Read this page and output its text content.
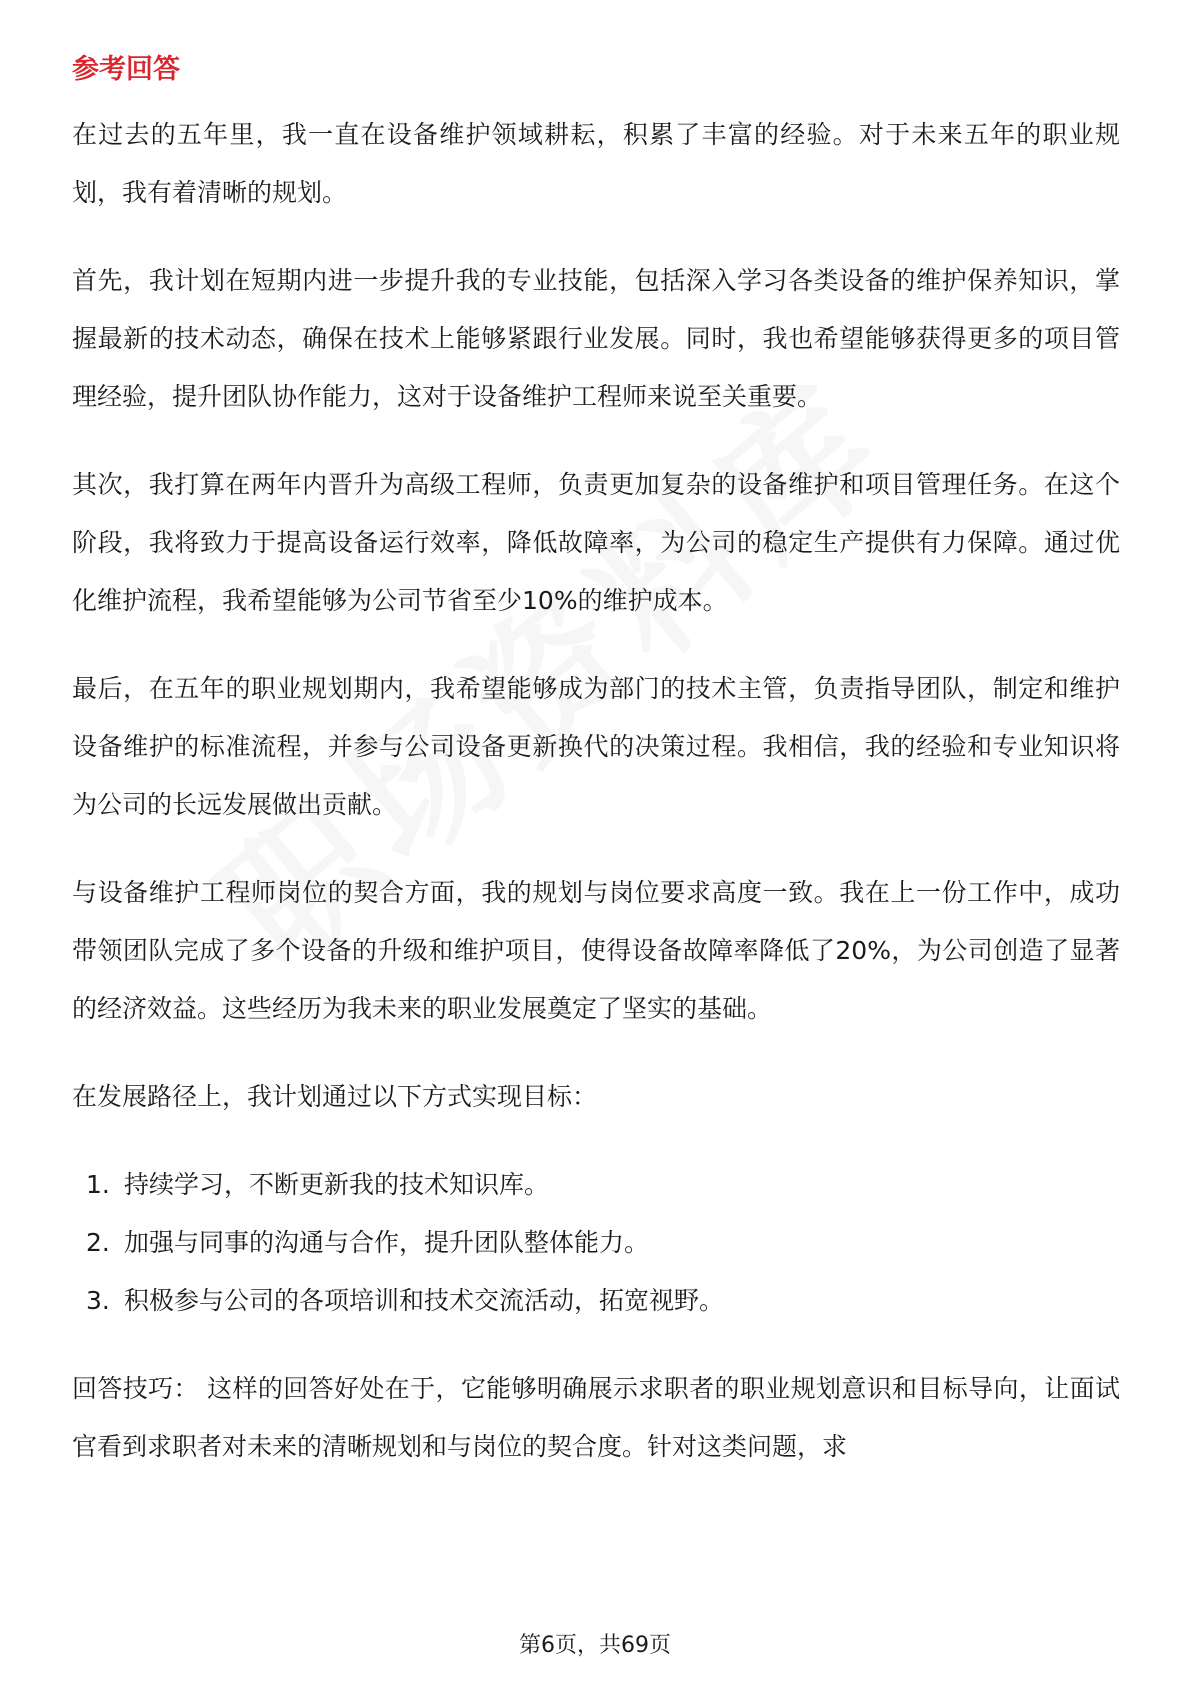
参考回答

在过去的五年里，我一直在设备维护领域耕耘，积累了丰富的经验。对于未来五年的职业规划，我有着清晰的规划。

首先，我计划在短期内进一步提升我的专业技能，包括深入学习各类设备的维护保养知识，掌握最新的技术动态，确保在技术上能够紧跟行业发展。同时，我也希望能够获得更多的项目管理经验，提升团队协作能力，这对于设备维护工程师来说至关重要。

其次，我打算在两年内晋升为高级工程师，负责更加复杂的设备维护和项目管理任务。在这个阶段，我将致力于提高设备运行效率，降低故障率，为公司的稳定生产提供有力保障。通过优化维护流程，我希望能够为公司节省至少10%的维护成本。

最后，在五年的职业规划期内，我希望能够成为部门的技术主管，负责指导团队，制定和维护设备维护的标准流程，并参与公司设备更新换代的决策过程。我相信，我的经验和专业知识将为公司的长远发展做出贡献。

与设备维护工程师岗位的契合方面，我的规划与岗位要求高度一致。我在上一份工作中，成功带领团队完成了多个设备的升级和维护项目，使得设备故障率降低了20%，为公司创造了显著的经济效益。这些经历为我未来的职业发展奠定了坚实的基础。

在发展路径上，我计划通过以下方式实现目标：

1. 持续学习，不断更新我的技术知识库。
2. 加强与同事的沟通与合作，提升团队整体能力。
3. 积极参与公司的各项培训和技术交流活动，拓宽视野。

回答技巧： 这样的回答好处在于，它能够明确展示求职者的职业规划意识和目标导向，让面试官看到求职者对未来的清晰规划和与岗位的契合度。针对这类问题，求

第6页，共69页
